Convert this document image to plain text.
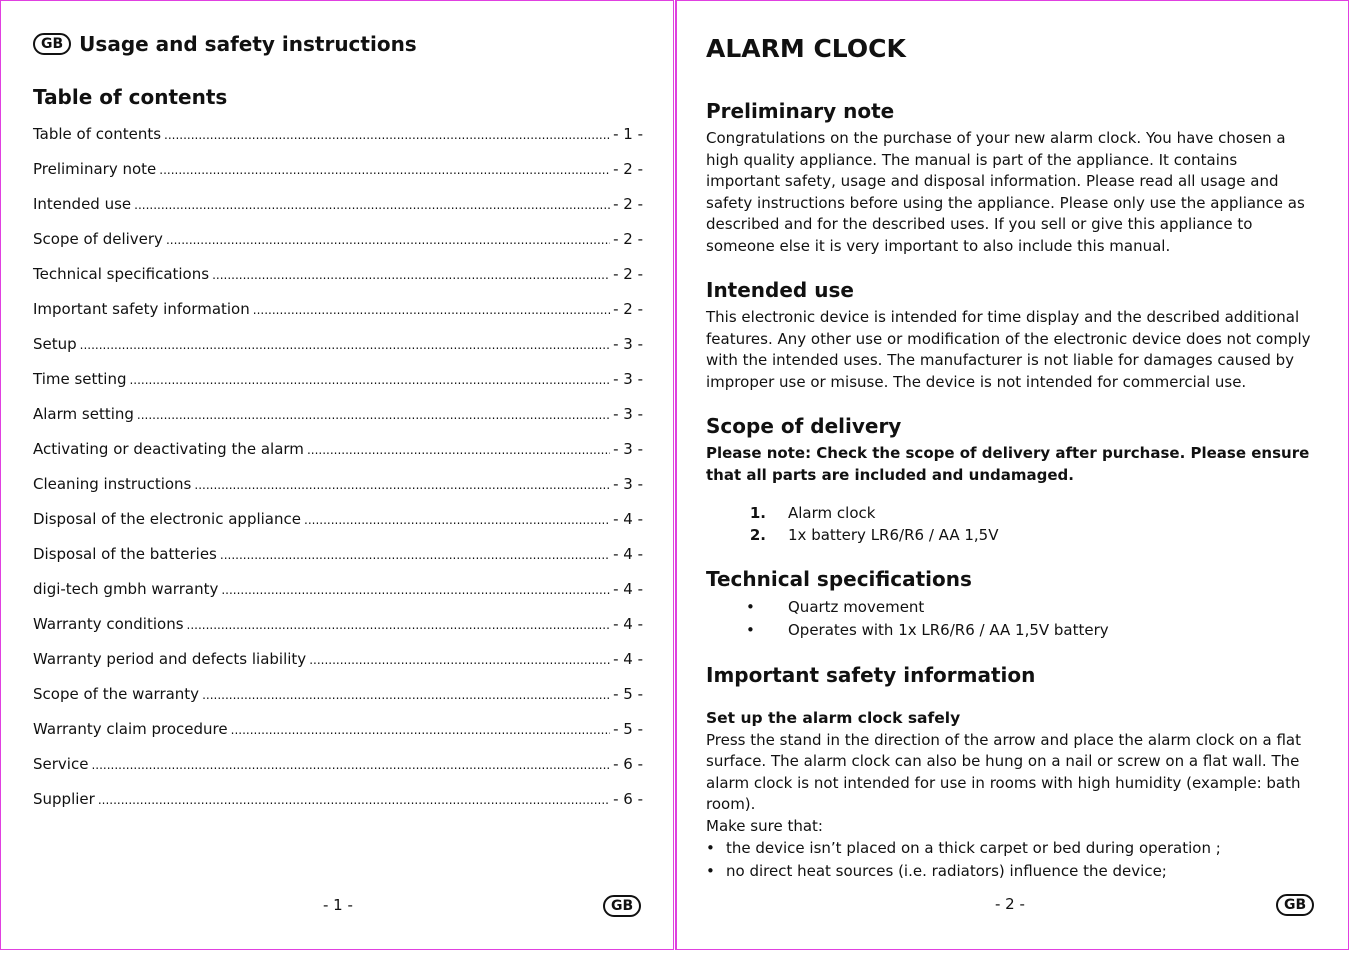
GB Usage and safety instructions
Table of contents
Table of contents .....	- 1 -
Preliminary note .....	- 2 -
Intended use .....	- 2 -
Scope of delivery .....	- 2 -
Technical specifications .....	- 2 -
Important safety information .....	- 2 -
Setup .....	- 3 -
Time setting .....	- 3 -
Alarm setting .....	- 3 -
Activating or deactivating the alarm .....	- 3 -
Cleaning instructions .....	- 3 -
Disposal of the electronic appliance .....	- 4 -
Disposal of the batteries .....	- 4 -
digi-tech gmbh warranty .....	- 4 -
Warranty conditions .....	- 4 -
Warranty period and defects liability .....	- 4 -
Scope of the warranty .....	- 5 -
Warranty claim procedure .....	- 5 -
Service .....	- 6 -
Supplier .....	- 6 -
- 1 -	GB
ALARM CLOCK
Preliminary note

Congratulations on the purchase of your new alarm clock. You have chosen a high quality appliance. The manual is part of the appliance. It contains important safety, usage and disposal information. Please read all usage and safety instructions before using the appliance. Please only use the appliance as described and for the described uses. If you sell or give this appliance to someone else it is very important to also include this manual.

Intended use

This electronic device is intended for time display and the described additional features. Any other use or modification of the electronic device does not comply with the intended uses. The manufacturer is not liable for damages caused by improper use or misuse. The device is not intended for commercial use.

Scope of delivery

Please note: Check the scope of delivery after purchase. Please ensure that all parts are included and undamaged.

1.	Alarm clock
2.	1x battery LR6/R6 / AA 1,5V
Technical specifications
•	Quartz movement
•	Operates with 1x LR6/R6 / AA 1,5V battery
Important safety information
Set up the alarm clock safely

Press the stand in the direction of the arrow and place the alarm clock on a flat surface. The alarm clock can also be hung on a nail or screw on a flat wall. The alarm clock is not intended for use in rooms with high humidity (example: bath room).

Make sure that:

• the device isn’t placed on a thick carpet or bed during operation ;
• no direct heat sources (i.e. radiators) influence the device;
- 2 -	GB
